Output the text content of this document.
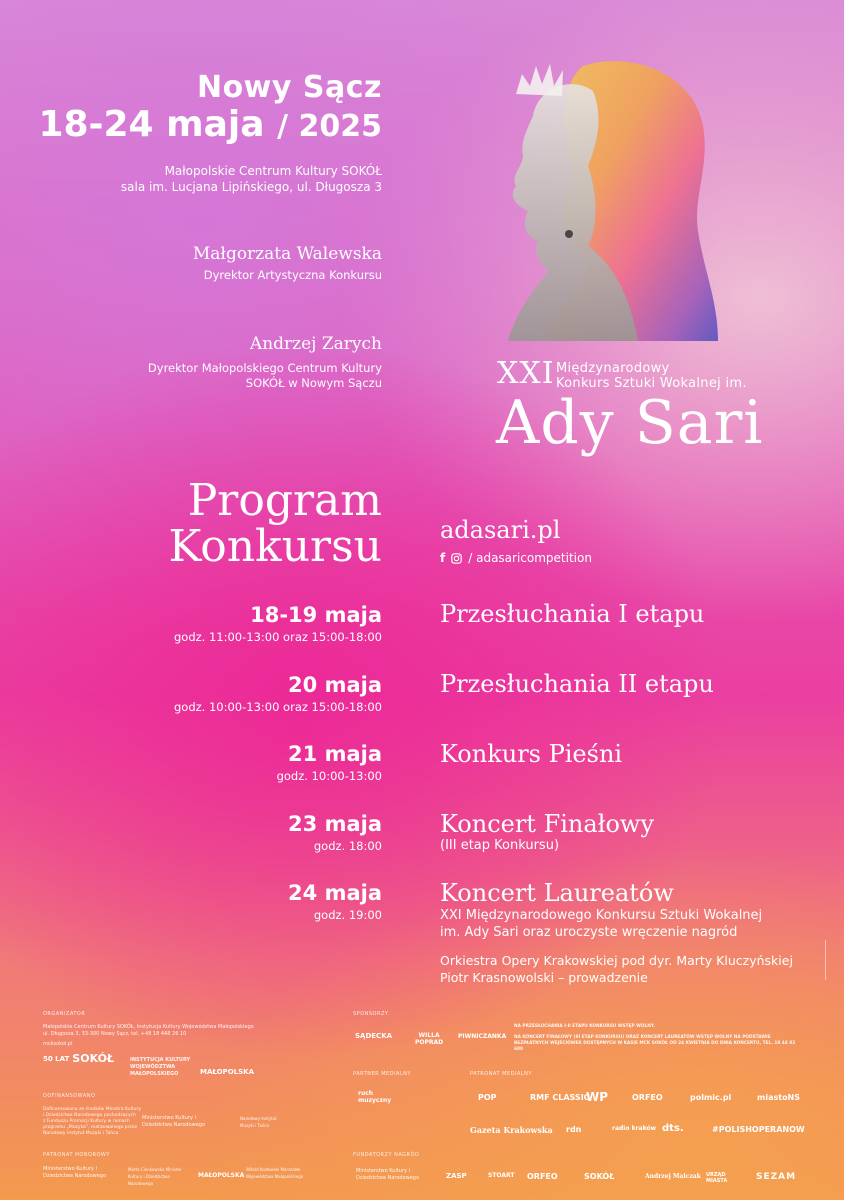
Nowy Sącz
18-24 maja / 2025
Małopolskie Centrum Kultury SOKÓŁ
sala im. Lucjana Lipińskiego, ul. Długosza 3
Małgorzata Walewska
Dyrektor Artystyczna Konkursu
Andrzej Zarych
Dyrektor Małopolskiego Centrum Kultury
SOKÓŁ w Nowym Sączu	XXI Międzynarodowy
Konkurs Sztuki Wokalnej im.
Ady Sari
Program
Konkursu adasari.pl
f / adasaricompetition
18-19 maja
godz. 11:00-13:00 oraz 15:00-18:00
Przesłuchania I etapu
20 maja
godz. 10:00-13:00 oraz 15:00-18:00
Przesłuchania II etapu
21 maja
godz. 10:00-13:00
Konkurs Pieśni
23 maja
godz. 18:00
Koncert Finałowy
(III etap Konkursu)
24 maja
godz. 19:00
Koncert Laureatów
XXI Międzynarodowego Konkursu Sztuki Wokalnej
im. Ady Sari oraz uroczyste wręczenie nagród
Orkiestra Opery Krakowskiej pod dyr. Marty Kluczyńskiej
Piotr Krasnowolski – prowadzenie
ORGANIZATOR
Małopolskie Centrum Kultury SOKÓŁ, Instytucja Kultury Województwa Małopolskiego
ul. Długosza 3, 33-300 Nowy Sącz, tel. +48 18 448 26 10
mcksokol.pl
50 LAT SOKÓŁ	INSTYTUCJA KULTURY WOJEWÓDZTWA MAŁOPOLSKIEGO	MAŁOPOLSKA
DOFINANSOWANO
Dofinansowano ze środków Ministra Kultury
i Dziedzictwa Narodowego pochodzących
z Funduszu Promocji Kultury w ramach
programu „Muzyka", realizowanego przez
Narodowy Instytut Muzyki i Tańca
Ministerstwo Kultury i Dziedzictwa Narodowego
Narodowy Instytut Muzyki i Tańca
PATRONAT HONOROWY
Ministerstwo Kultury i Dziedzictwa Narodowego
Marta Cienkowska Minister Kultury i Dziedzictwa Narodowego
MAŁOPOLSKA
Witold Kozłowski Marszałek Województwa Małopolskiego
SPONSORZY
SĄDECKA	WILLA POPRAD
PIWNICZANKA
NA PRZESŁUCHANIA I-II ETAPU KONKURSU WSTĘP WOLNY.
NA KONCERT FINAŁOWY (III ETAP KONKURSU) ORAZ KONCERT LAUREATÓW WSTĘP WOLNY NA PODSTAWIE BEZPŁATNYCH WEJŚCIÓWEK DOSTĘPNYCH W KASIE MCK SOKÓŁ OD 24 KWIETNIA DO DNIA KONCERTU, TEL. 18 44 82 600
PARTNER MEDIALNY
ruch muzyczny
PATRONAT MEDIALNY
POP	RMF CLASSIC
WP	ORFEO	polmic.pl	miastoNS
Gazeta Krakowska rdn	radio kraków dts.	#POLISHOPERANOW
FUNDATORZY NAGRÓD
Ministerstwo Kultury i Dziedzictwa Narodowego	ZASP	STOART ORFEO	SOKÓŁ	Andrzej Malczak URZĄD MIASTA	SEZAM
